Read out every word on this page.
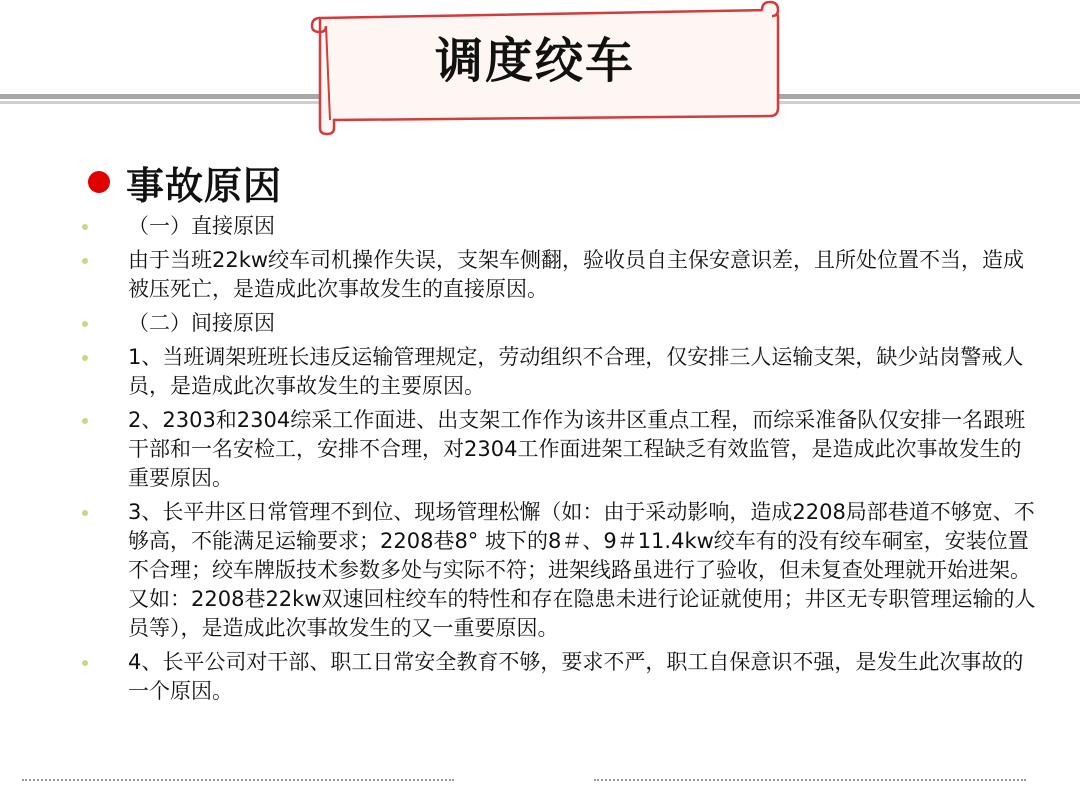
调度绞车
事故原因
（一）直接原因
由于当班22kw绞车司机操作失误，支架车侧翻，验收员自主保安意识差，且所处位置不当，造成被压死亡，是造成此次事故发生的直接原因。
（二）间接原因
1、当班调架班班长违反运输管理规定，劳动组织不合理，仅安排三人运输支架，缺少站岗警戒人员，是造成此次事故发生的主要原因。
2、2303和2304综采工作面进、出支架工作作为该井区重点工程，而综采准备队仅安排一名跟班干部和一名安检工，安排不合理，对2304工作面进架工程缺乏有效监管，是造成此次事故发生的重要原因。
3、长平井区日常管理不到位、现场管理松懈（如：由于采动影响，造成2208局部巷道不够宽、不够高，不能满足运输要求；2208巷8° 坡下的8＃、9＃11.4kw绞车有的没有绞车硐室，安装位置不合理；绞车牌版技术参数多处与实际不符；进架线路虽进行了验收，但未复查处理就开始进架。又如：2208巷22kw双速回柱绞车的特性和存在隐患未进行论证就使用；井区无专职管理运输的人员等），是造成此次事故发生的又一重要原因。
4、长平公司对干部、职工日常安全教育不够，要求不严，职工自保意识不强，是发生此次事故的一个原因。
